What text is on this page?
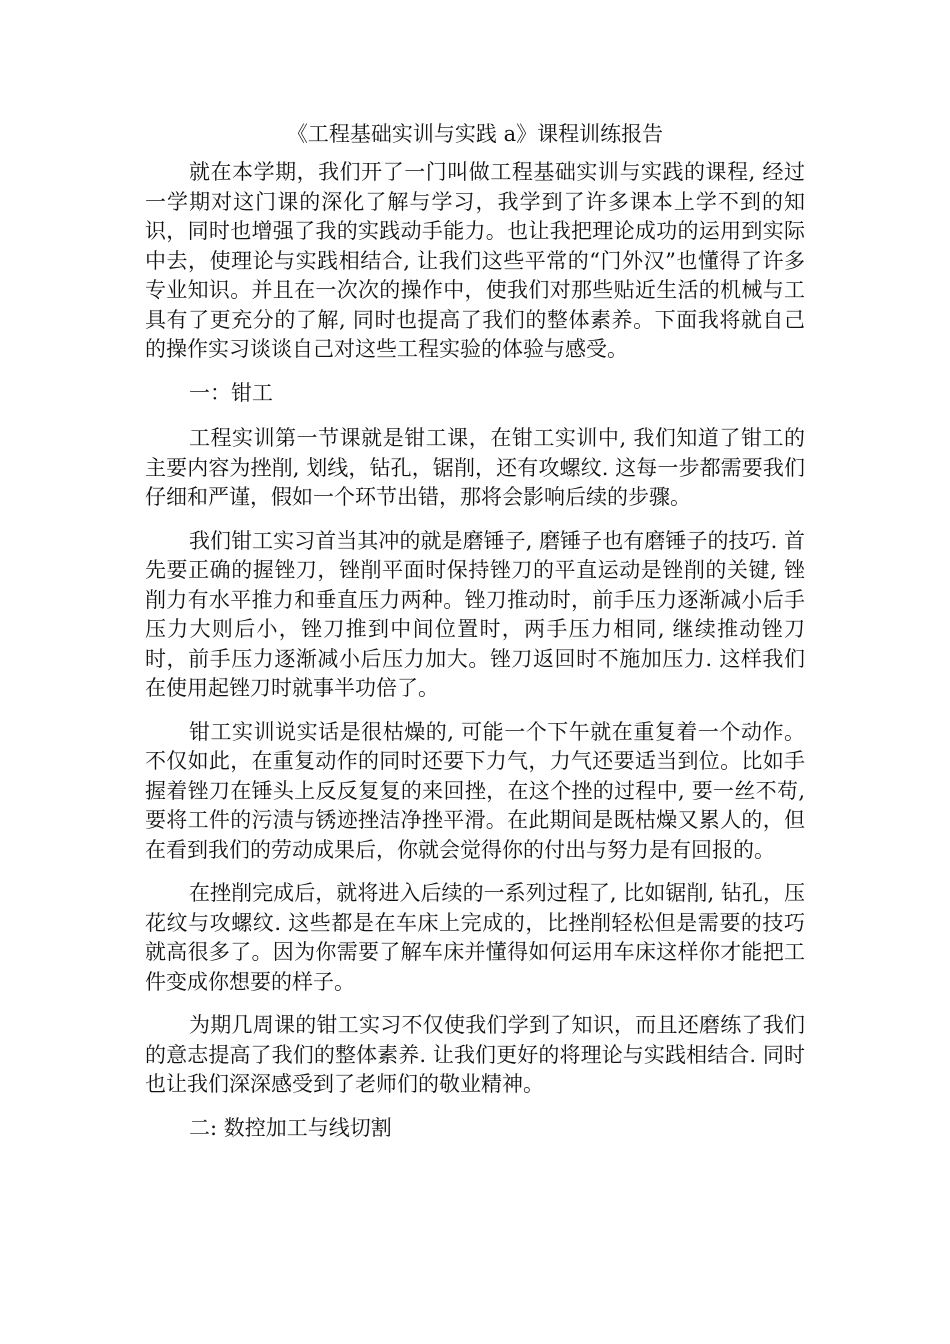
《工程基础实训与实践 a》课程训练报告

就在本学期，我们开了一门叫做工程基础实训与实践的课程, 经过一学期对这门课的深化了解与学习，我学到了许多课本上学不到的知识，同时也增强了我的实践动手能力。也让我把理论成功的运用到实际中去，使理论与实践相结合, 让我们这些平常的“门外汉”也懂得了许多专业知识。并且在一次次的操作中，使我们对那些贴近生活的机械与工具有了更充分的了解, 同时也提高了我们的整体素养。下面我将就自己的操作实习谈谈自己对这些工程实验的体验与感受。

一：钳工

工程实训第一节课就是钳工课，在钳工实训中, 我们知道了钳工的主要内容为挫削, 划线，钻孔，锯削，还有攻螺纹. 这每一步都需要我们仔细和严谨，假如一个环节出错，那将会影响后续的步骤。

我们钳工实习首当其冲的就是磨锤子, 磨锤子也有磨锤子的技巧. 首先要正确的握锉刀，锉削平面时保持锉刀的平直运动是锉削的关键, 锉削力有水平推力和垂直压力两种。锉刀推动时，前手压力逐渐减小后手压力大则后小，锉刀推到中间位置时，两手压力相同, 继续推动锉刀时，前手压力逐渐减小后压力加大。锉刀返回时不施加压力. 这样我们在使用起锉刀时就事半功倍了。

钳工实训说实话是很枯燥的, 可能一个下午就在重复着一个动作。不仅如此，在重复动作的同时还要下力气，力气还要适当到位。比如手握着锉刀在锤头上反反复复的来回挫，在这个挫的过程中, 要一丝不苟, 要将工件的污渍与锈迹挫洁净挫平滑。在此期间是既枯燥又累人的，但在看到我们的劳动成果后，你就会觉得你的付出与努力是有回报的。

在挫削完成后，就将进入后续的一系列过程了, 比如锯削, 钻孔，压花纹与攻螺纹. 这些都是在车床上完成的，比挫削轻松但是需要的技巧就高很多了。因为你需要了解车床并懂得如何运用车床这样你才能把工件变成你想要的样子。

为期几周课的钳工实习不仅使我们学到了知识，而且还磨练了我们的意志提高了我们的整体素养. 让我们更好的将理论与实践相结合. 同时也让我们深深感受到了老师们的敬业精神。

二: 数控加工与线切割
